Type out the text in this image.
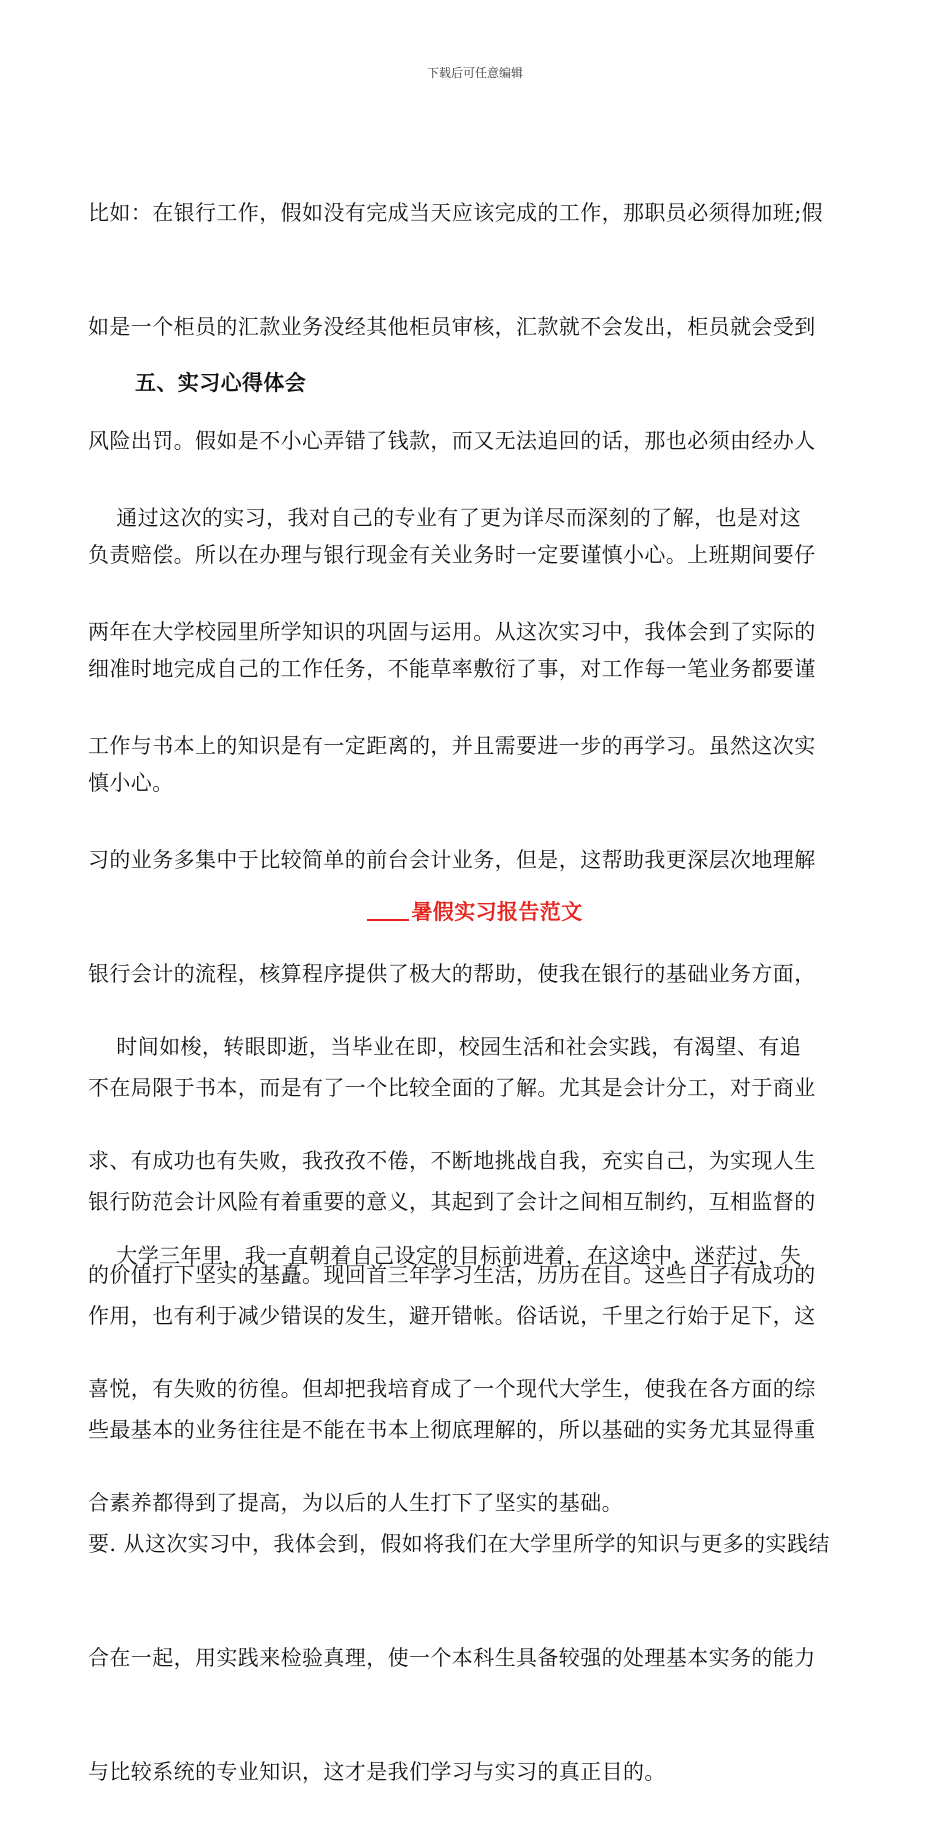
下载后可任意编辑

比如：在银行工作，假如没有完成当天应该完成的工作，那职员必须得加班;假

如是一个柜员的汇款业务没经其他柜员审核，汇款就不会发出，柜员就会受到

风险出罚。假如是不小心弄错了钱款，而又无法追回的话，那也必须由经办人

负责赔偿。所以在办理与银行现金有关业务时一定要谨慎小心。上班期间要仔

细准时地完成自己的工作任务，不能草率敷衍了事，对工作每一笔业务都要谨

慎小心。

五、实习心得体会

通过这次的实习，我对自己的专业有了更为详尽而深刻的了解，也是对这

两年在大学校园里所学知识的巩固与运用。从这次实习中，我体会到了实际的

工作与书本上的知识是有一定距离的，并且需要进一步的再学习。虽然这次实

习的业务多集中于比较简单的前台会计业务，但是，这帮助我更深层次地理解

银行会计的流程，核算程序提供了极大的帮助，使我在银行的基础业务方面，

不在局限于书本，而是有了一个比较全面的了解。尤其是会计分工，对于商业

银行防范会计风险有着重要的意义，其起到了会计之间相互制约，互相监督的

作用，也有利于减少错误的发生，避开错帐。俗话说，千里之行始于足下，这

些最基本的业务往往是不能在书本上彻底理解的，所以基础的实务尤其显得重

要. 从这次实习中，我体会到，假如将我们在大学里所学的知识与更多的实践结

合在一起，用实践来检验真理，使一个本科生具备较强的处理基本实务的能力

与比较系统的专业知识，这才是我们学习与实习的真正目的。

暑假实习报告范文

时间如梭，转眼即逝，当毕业在即，校园生活和社会实践，有渴望、有追

求、有成功也有失败，我孜孜不倦，不断地挑战自我，充实自己，为实现人生

的价值打下坚实的基矗。现回首三年学习生活，历历在目。这些日子有成功的

喜悦，有失败的彷徨。但却把我培育成了一个现代大学生，使我在各方面的综

合素养都得到了提高，为以后的人生打下了坚实的基础。

大学三年里，我一直朝着自己设定的目标前进着，在这途中，迷茫过，失
